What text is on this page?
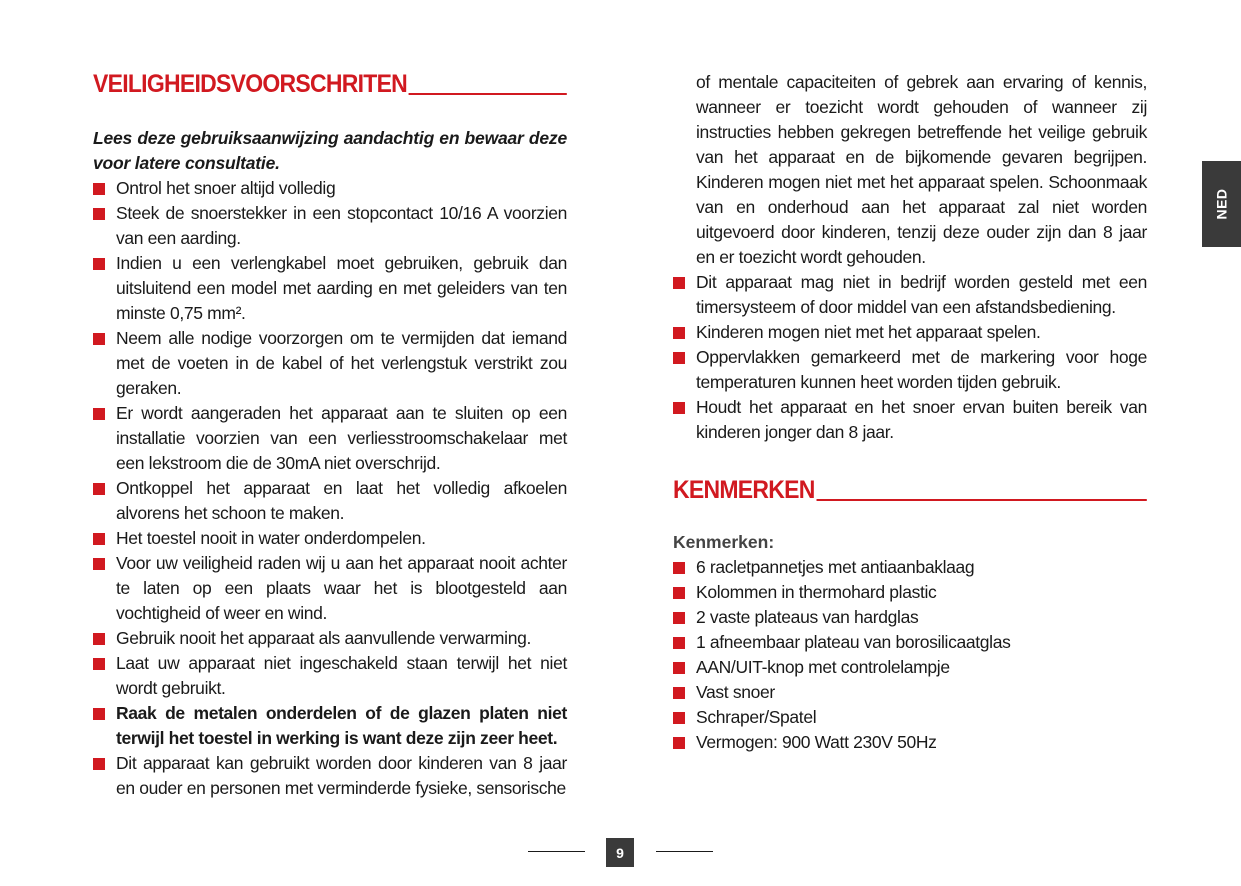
VEILIGHEIDSVOORSCHRITEN
Lees deze gebruiksaanwijzing aandachtig en bewaar deze voor latere consultatie.
Ontrol het snoer altijd volledig
Steek de snoerstekker in een stopcontact 10/16 A voorzien van een aarding.
Indien u een verlengkabel moet gebruiken, gebruik dan uitsluitend een model met aarding en met geleiders van ten minste 0,75 mm².
Neem alle nodige voorzorgen om te vermijden dat iemand met de voeten in de kabel of het verlengstuk verstrikt zou geraken.
Er wordt aangeraden het apparaat aan te sluiten op een installatie voorzien van een verliesstroomschakelaar met een lekstroom die de 30mA niet overschrijd.
Ontkoppel het apparaat en laat het volledig afkoelen alvorens het schoon te maken.
Het toestel nooit in water onderdompelen.
Voor uw veiligheid raden wij u aan het apparaat nooit achter te laten op een plaats waar het is blootgesteld aan vochtigheid of weer en wind.
Gebruik nooit het apparaat als aanvullende verwarming.
Laat uw apparaat niet ingeschakeld staan terwijl het niet wordt gebruikt.
Raak de metalen onderdelen of de glazen platen niet terwijl het toestel in werking is want deze zijn zeer heet.
Dit apparaat kan gebruikt worden door kinderen van 8 jaar en ouder en personen met verminderde fysieke, sensorische
of mentale capaciteiten of gebrek aan ervaring of kennis, wanneer er toezicht wordt gehouden of wanneer zij instructies hebben gekregen betreffende het veilige gebruik van het apparaat en de bijkomende gevaren begrijpen. Kinderen mogen niet met het apparaat spelen. Schoonmaak van en onderhoud aan het apparaat zal niet worden uitgevoerd door kinderen, tenzij deze ouder zijn dan 8 jaar en er toezicht wordt gehouden.
Dit apparaat mag niet in bedrijf worden gesteld met een timersysteem of door middel van een afstandsbediening.
Kinderen mogen niet met het apparaat spelen.
Oppervlakken gemarkeerd met de markering voor hoge temperaturen kunnen heet worden tijden gebruik.
Houdt het apparaat en het snoer ervan buiten bereik van kinderen jonger dan 8 jaar.
KENMERKEN
Kenmerken:
6 racletpannetjes met antiaanbaklaag
Kolommen in thermohard plastic
2 vaste plateaus van hardglas
1 afneembaar plateau van borosilicaatglas
AAN/UIT-knop met controlelampje
Vast snoer
Schraper/Spatel
Vermogen: 900 Watt 230V 50Hz
NED
9
